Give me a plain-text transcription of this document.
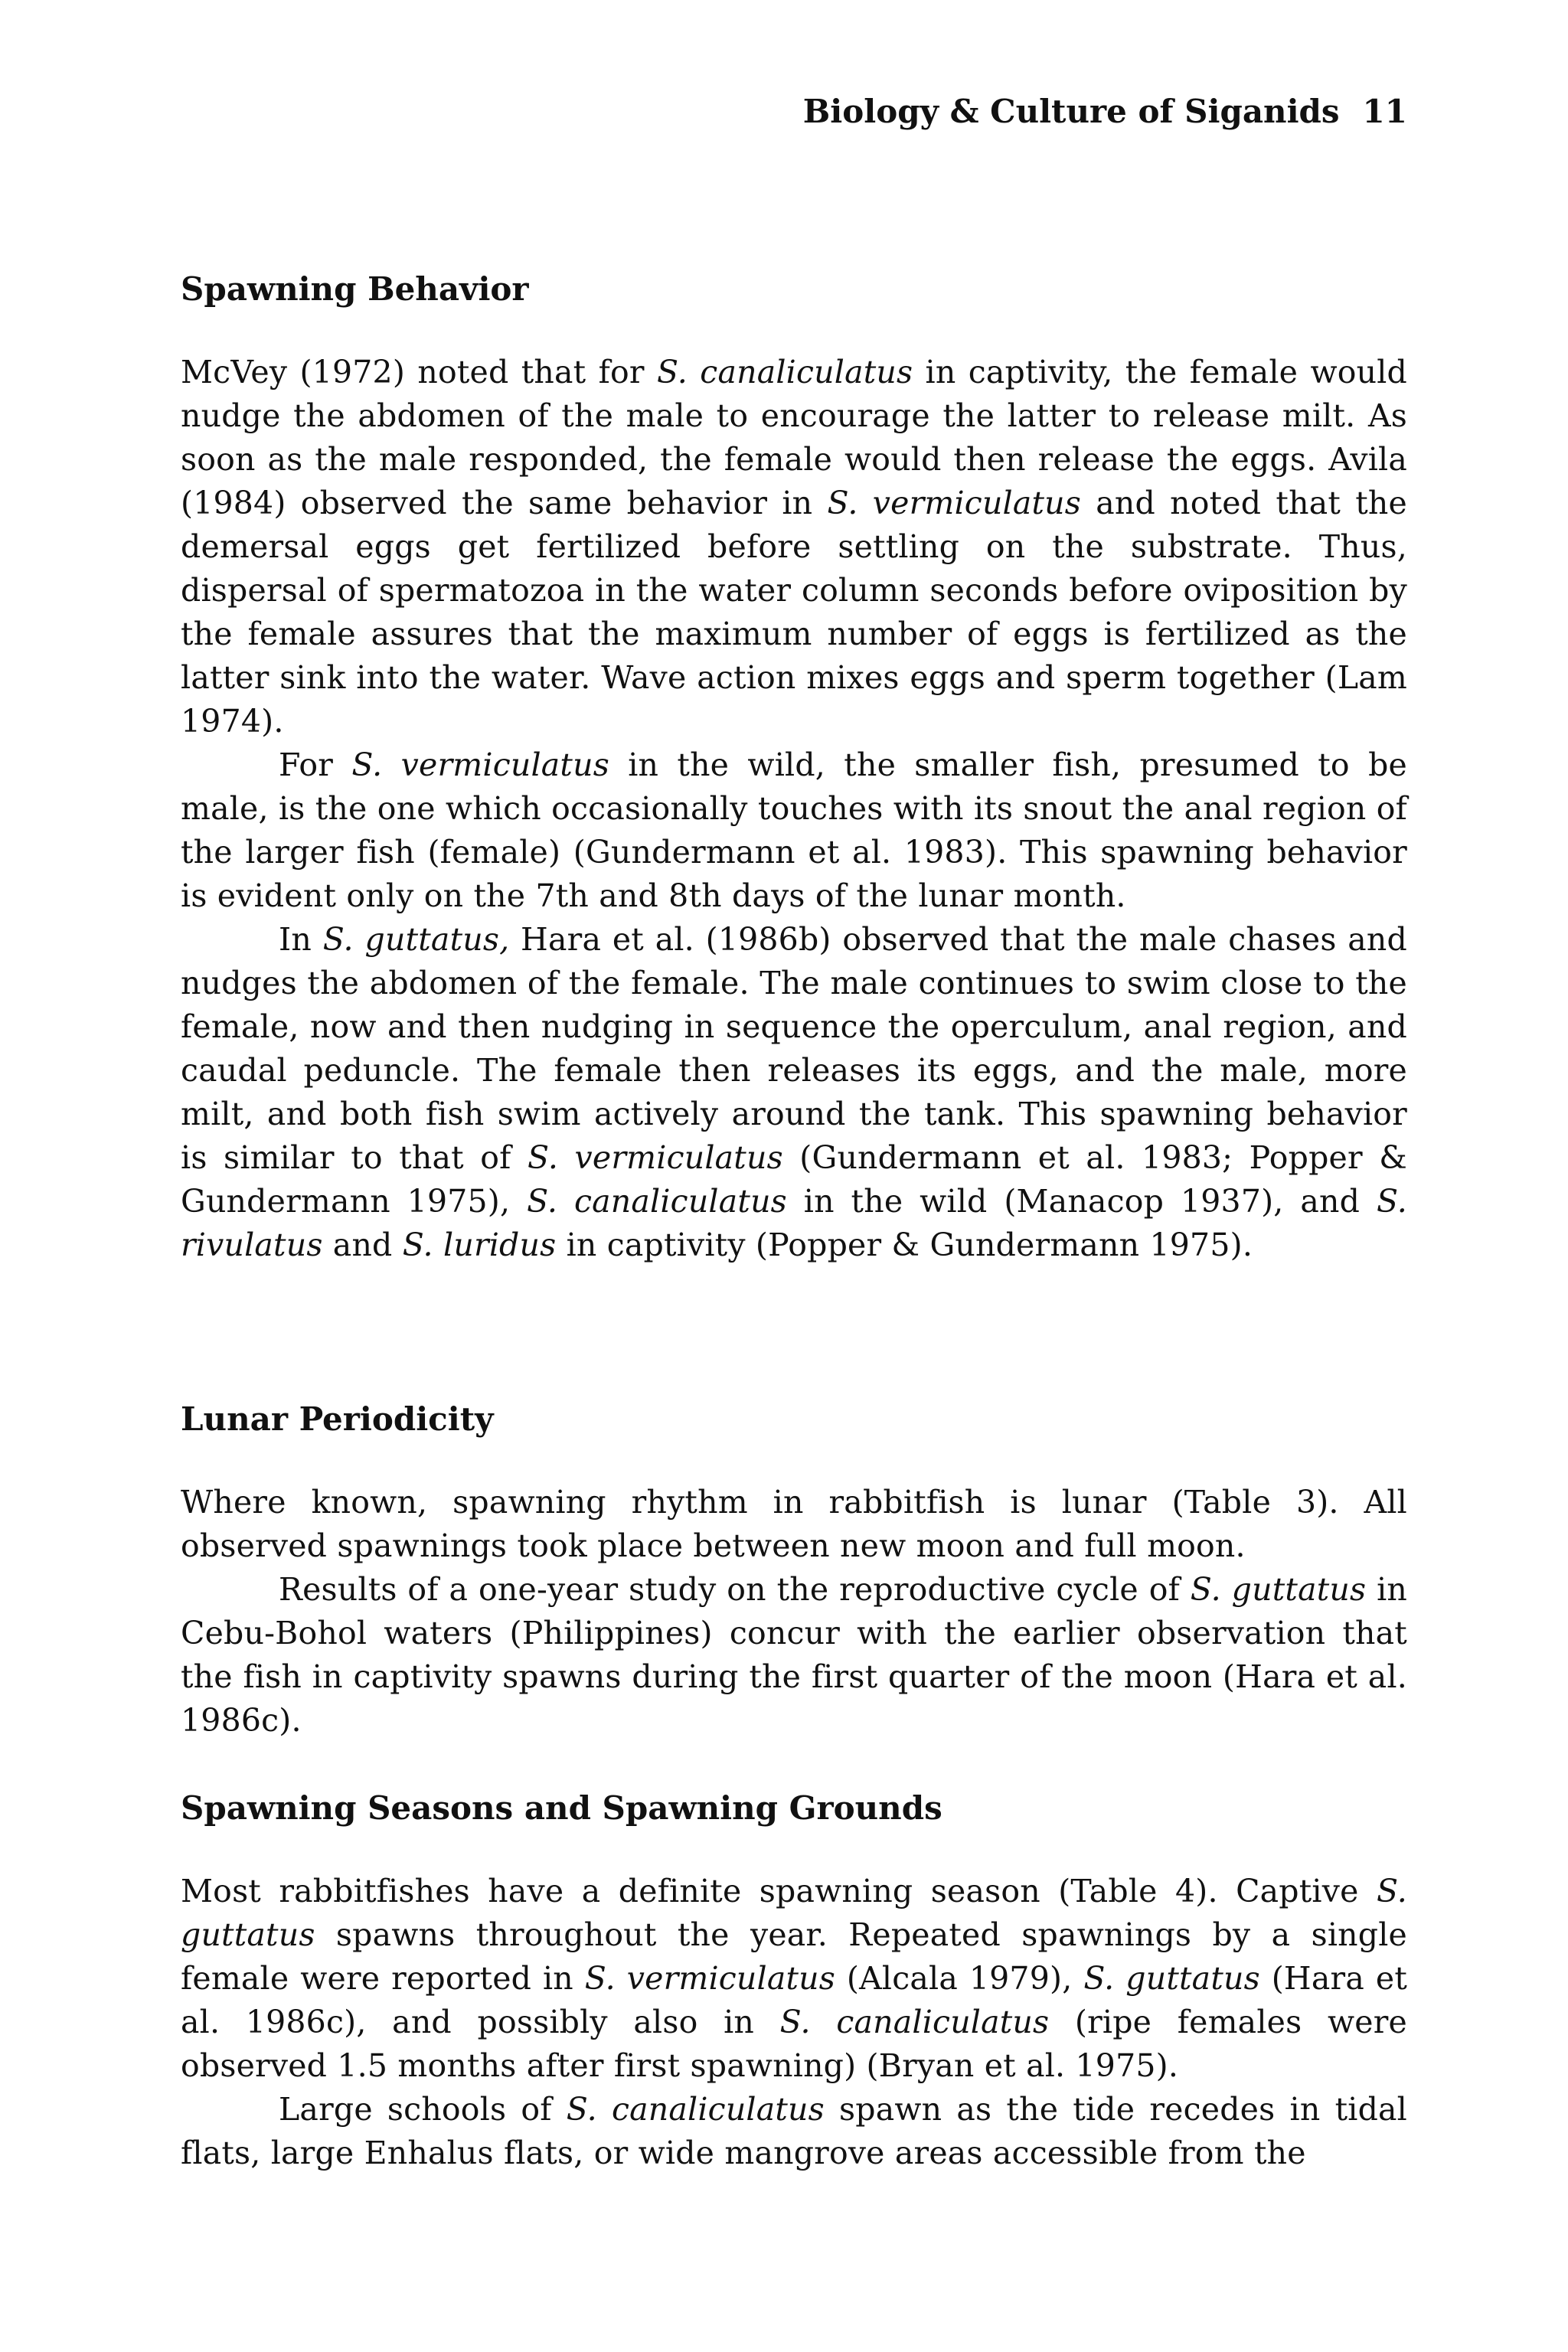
Biology & Culture of Siganids 11
Spawning Behavior

McVey (1972) noted that for S. canaliculatus in captivity, the female would nudge the abdomen of the male to encourage the latter to release milt. As soon as the male responded, the female would then release the eggs. Avila (1984) observed the same behavior in S. vermiculatus and noted that the demersal eggs get fertilized before settling on the substrate. Thus, dispersal of spermatozoa in the water column seconds before oviposition by the female assures that the maximum number of eggs is fertilized as the latter sink into the water. Wave action mixes eggs and sperm together (Lam 1974).

For S. vermiculatus in the wild, the smaller fish, presumed to be male, is the one which occasionally touches with its snout the anal region of the larger fish (female) (Gundermann et al. 1983). This spawning behavior is evident only on the 7th and 8th days of the lunar month.

In S. guttatus, Hara et al. (1986b) observed that the male chases and nudges the abdomen of the female. The male continues to swim close to the female, now and then nudging in sequence the operculum, anal region, and caudal peduncle. The female then releases its eggs, and the male, more milt, and both fish swim actively around the tank. This spawning behavior is similar to that of S. vermiculatus (Gundermann et al. 1983; Popper & Gundermann 1975), S. canaliculatus in the wild (Manacop 1937), and S. rivulatus and S. luridus in captivity (Popper & Gundermann 1975).

Lunar Periodicity

Where known, spawning rhythm in rabbitfish is lunar (Table 3). All observed spawnings took place between new moon and full moon.

Results of a one-year study on the reproductive cycle of S. guttatus in Cebu-Bohol waters (Philippines) concur with the earlier observation that the fish in captivity spawns during the first quarter of the moon (Hara et al. 1986c).

Spawning Seasons and Spawning Grounds

Most rabbitfishes have a definite spawning season (Table 4). Captive S. guttatus spawns throughout the year. Repeated spawnings by a single female were reported in S. vermiculatus (Alcala 1979), S. guttatus (Hara et al. 1986c), and possibly also in S. canaliculatus (ripe females were observed 1.5 months after first spawning) (Bryan et al. 1975).

Large schools of S. canaliculatus spawn as the tide recedes in tidal flats, large Enhalus flats, or wide mangrove areas accessible from the
